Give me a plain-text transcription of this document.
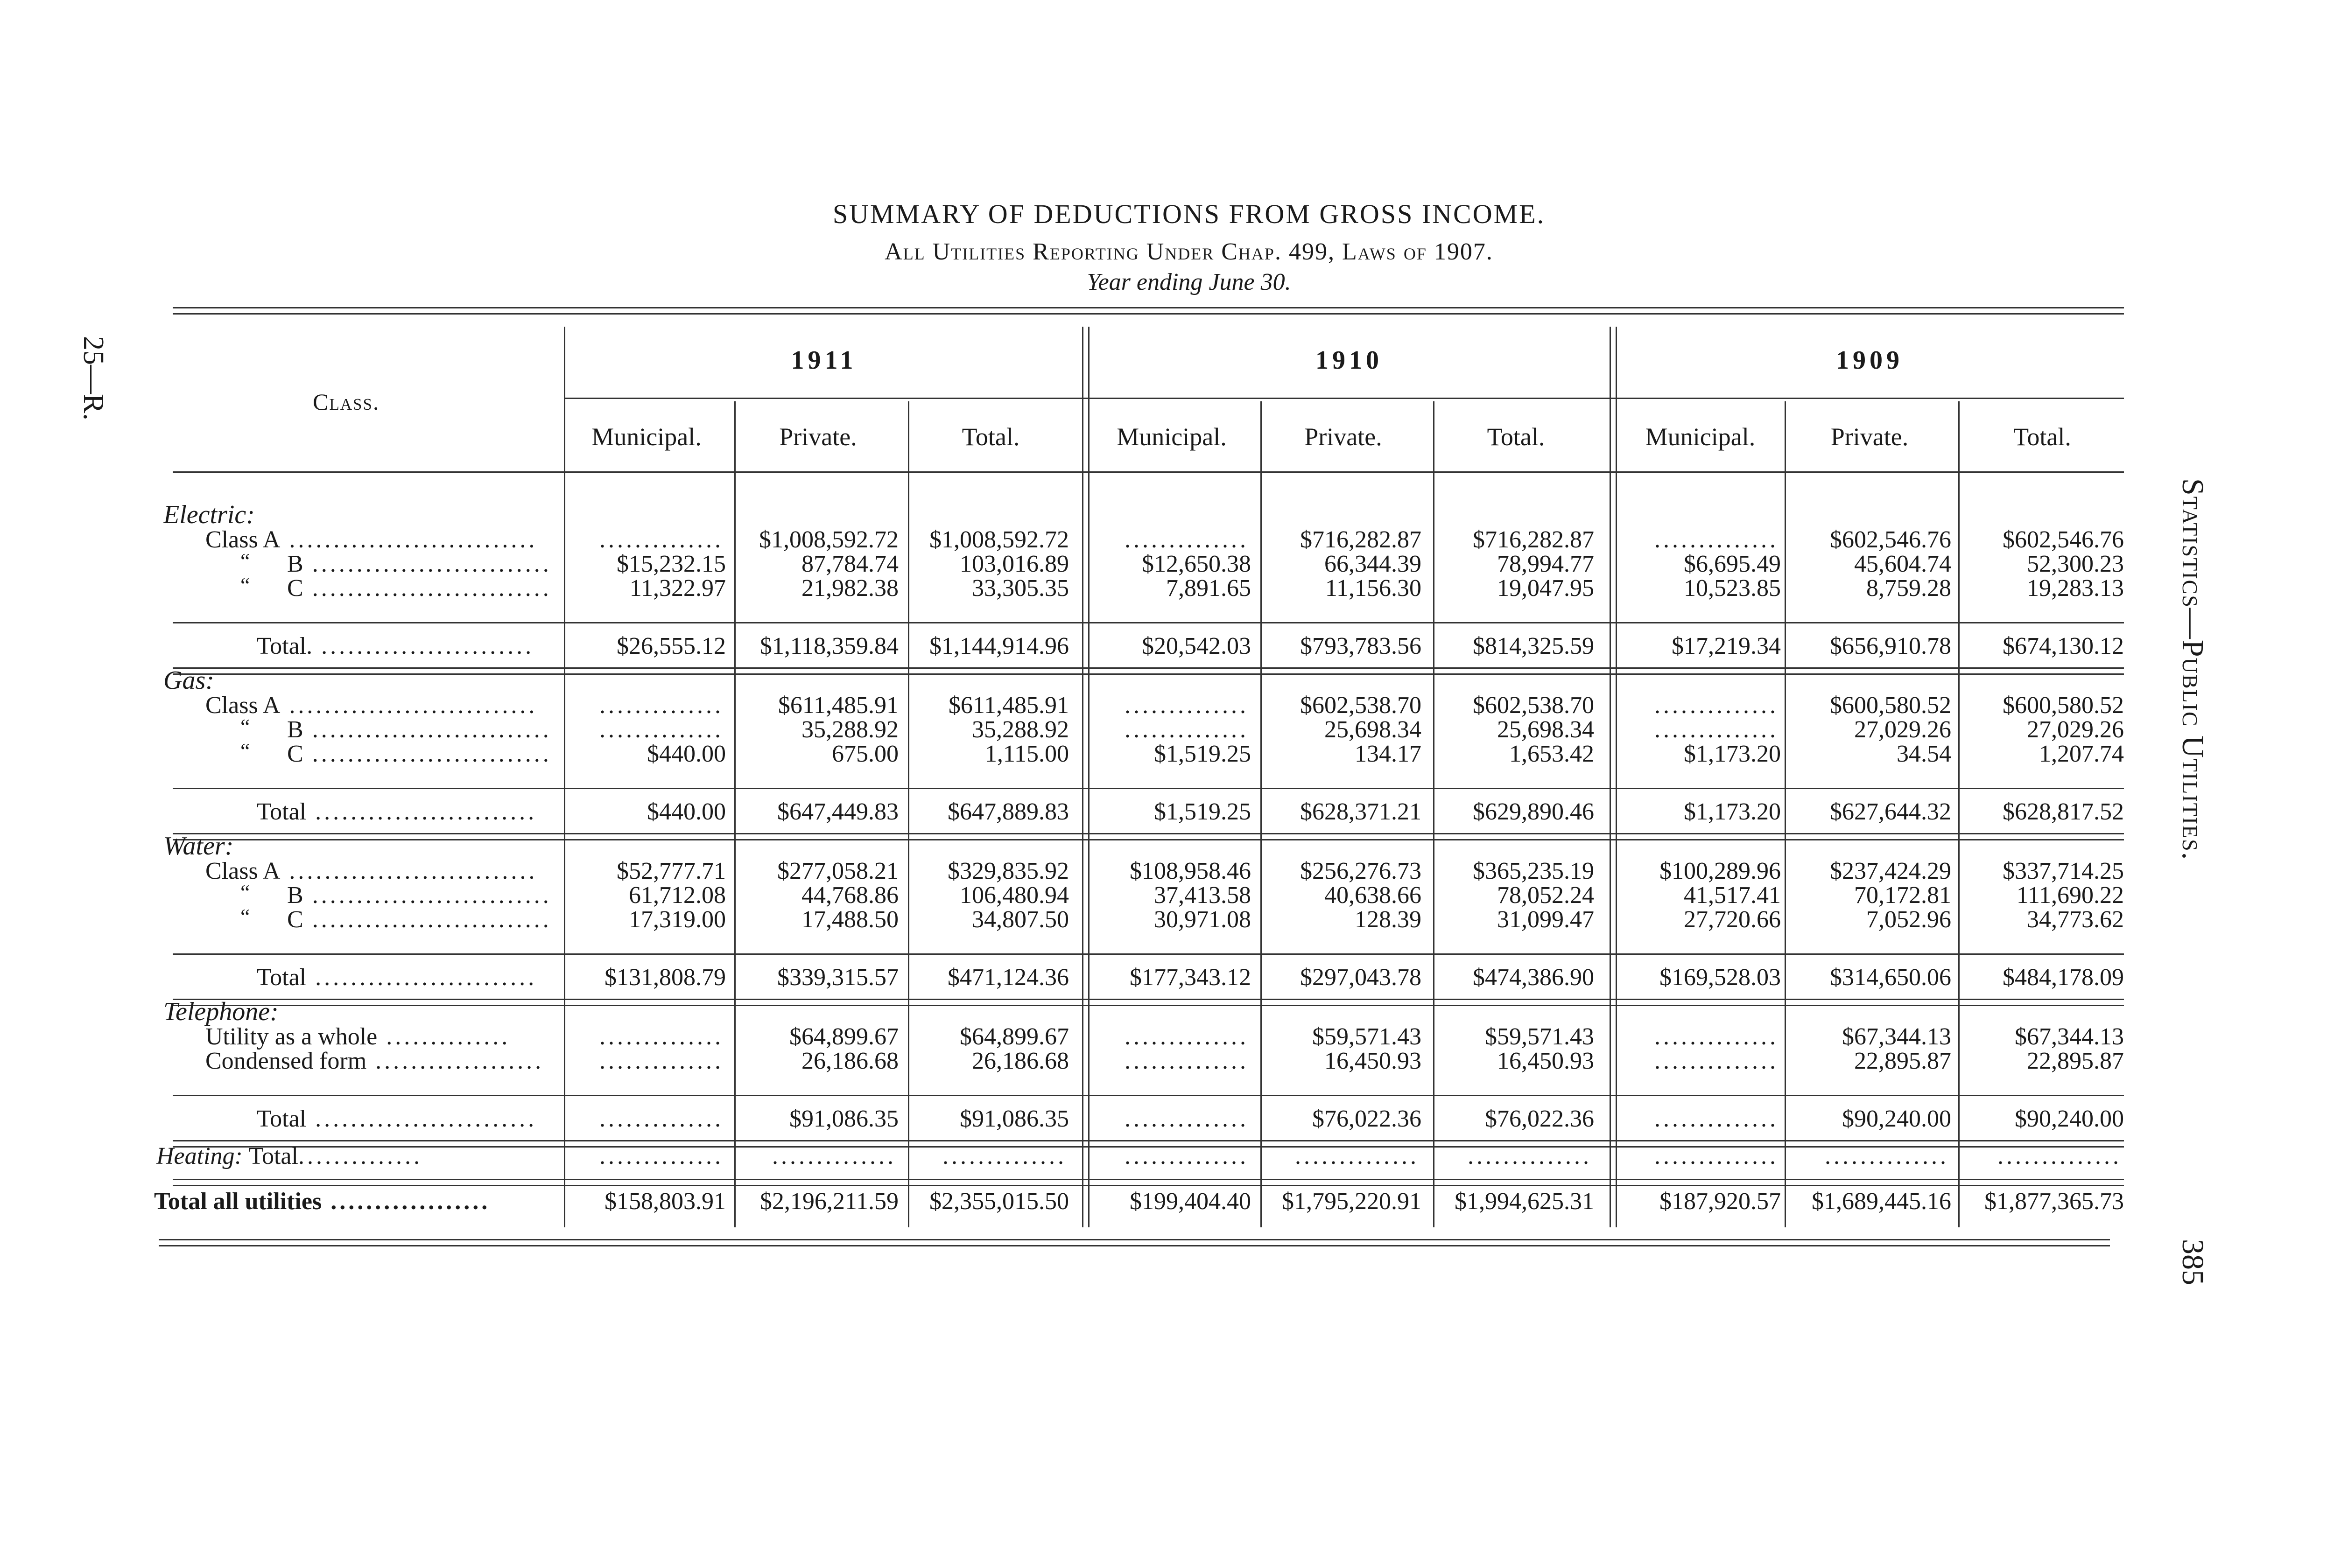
SUMMARY OF DEDUCTIONS FROM GROSS INCOME.
All Utilities Reporting Under Chap. 499, Laws of 1907.
Year ending June 30.
25—R.
Statistics—Public Utilities.
385
Class.
1911	1910	1909
Municipal.	Private.	Total.	Municipal.	Private.	Total.	Municipal.	Private.	Total.
Electric:
Class A ............................	..............	$1,008,592.72	$1,008,592.72	..............	$716,282.87	$716,282.87	..............	$602,546.76	$602,546.76
“ B ...........................	$15,232.15	87,784.74	103,016.89	$12,650.38	66,344.39	78,994.77	$6,695.49	45,604.74	52,300.23
“ C ...........................	11,322.97	21,982.38	33,305.35	7,891.65	11,156.30	19,047.95	10,523.85	8,759.28	19,283.13
Total. ........................	$26,555.12	$1,118,359.84	$1,144,914.96	$20,542.03	$793,783.56	$814,325.59	$17,219.34	$656,910.78	$674,130.12
Gas:
Class A ............................	..............	$611,485.91	$611,485.91	..............	$602,538.70	$602,538.70	..............	$600,580.52	$600,580.52
“ B ...........................	..............	35,288.92	35,288.92	..............	25,698.34	25,698.34	..............	27,029.26	27,029.26
“ C ...........................	$440.00	675.00	1,115.00	$1,519.25	134.17	1,653.42	$1,173.20	34.54	1,207.74
Total .........................	$440.00	$647,449.83	$647,889.83	$1,519.25	$628,371.21	$629,890.46	$1,173.20	$627,644.32	$628,817.52
Water:
Class A ............................	$52,777.71	$277,058.21	$329,835.92	$108,958.46	$256,276.73	$365,235.19	$100,289.96	$237,424.29	$337,714.25
“ B ...........................	61,712.08	44,768.86	106,480.94	37,413.58	40,638.66	78,052.24	41,517.41	70,172.81	111,690.22
“ C ...........................	17,319.00	17,488.50	34,807.50	30,971.08	128.39	31,099.47	27,720.66	7,052.96	34,773.62
Total .........................	$131,808.79	$339,315.57	$471,124.36	$177,343.12	$297,043.78	$474,386.90	$169,528.03	$314,650.06	$484,178.09
Telephone:
Utility as a whole ..............	..............	$64,899.67	$64,899.67	..............	$59,571.43	$59,571.43	..............	$67,344.13	$67,344.13
Condensed form ...................	..............	26,186.68	26,186.68	..............	16,450.93	16,450.93	..............	22,895.87	22,895.87
Total .........................	..............	$91,086.35	$91,086.35	..............	$76,022.36	$76,022.36	..............	$90,240.00	$90,240.00
Heating: Total..............	..............	..............	..............	..............	..............	..............	..............	..............	..............
Total all utilities ..................	$158,803.91	$2,196,211.59	$2,355,015.50	$199,404.40	$1,795,220.91	$1,994,625.31	$187,920.57	$1,689,445.16	$1,877,365.73
